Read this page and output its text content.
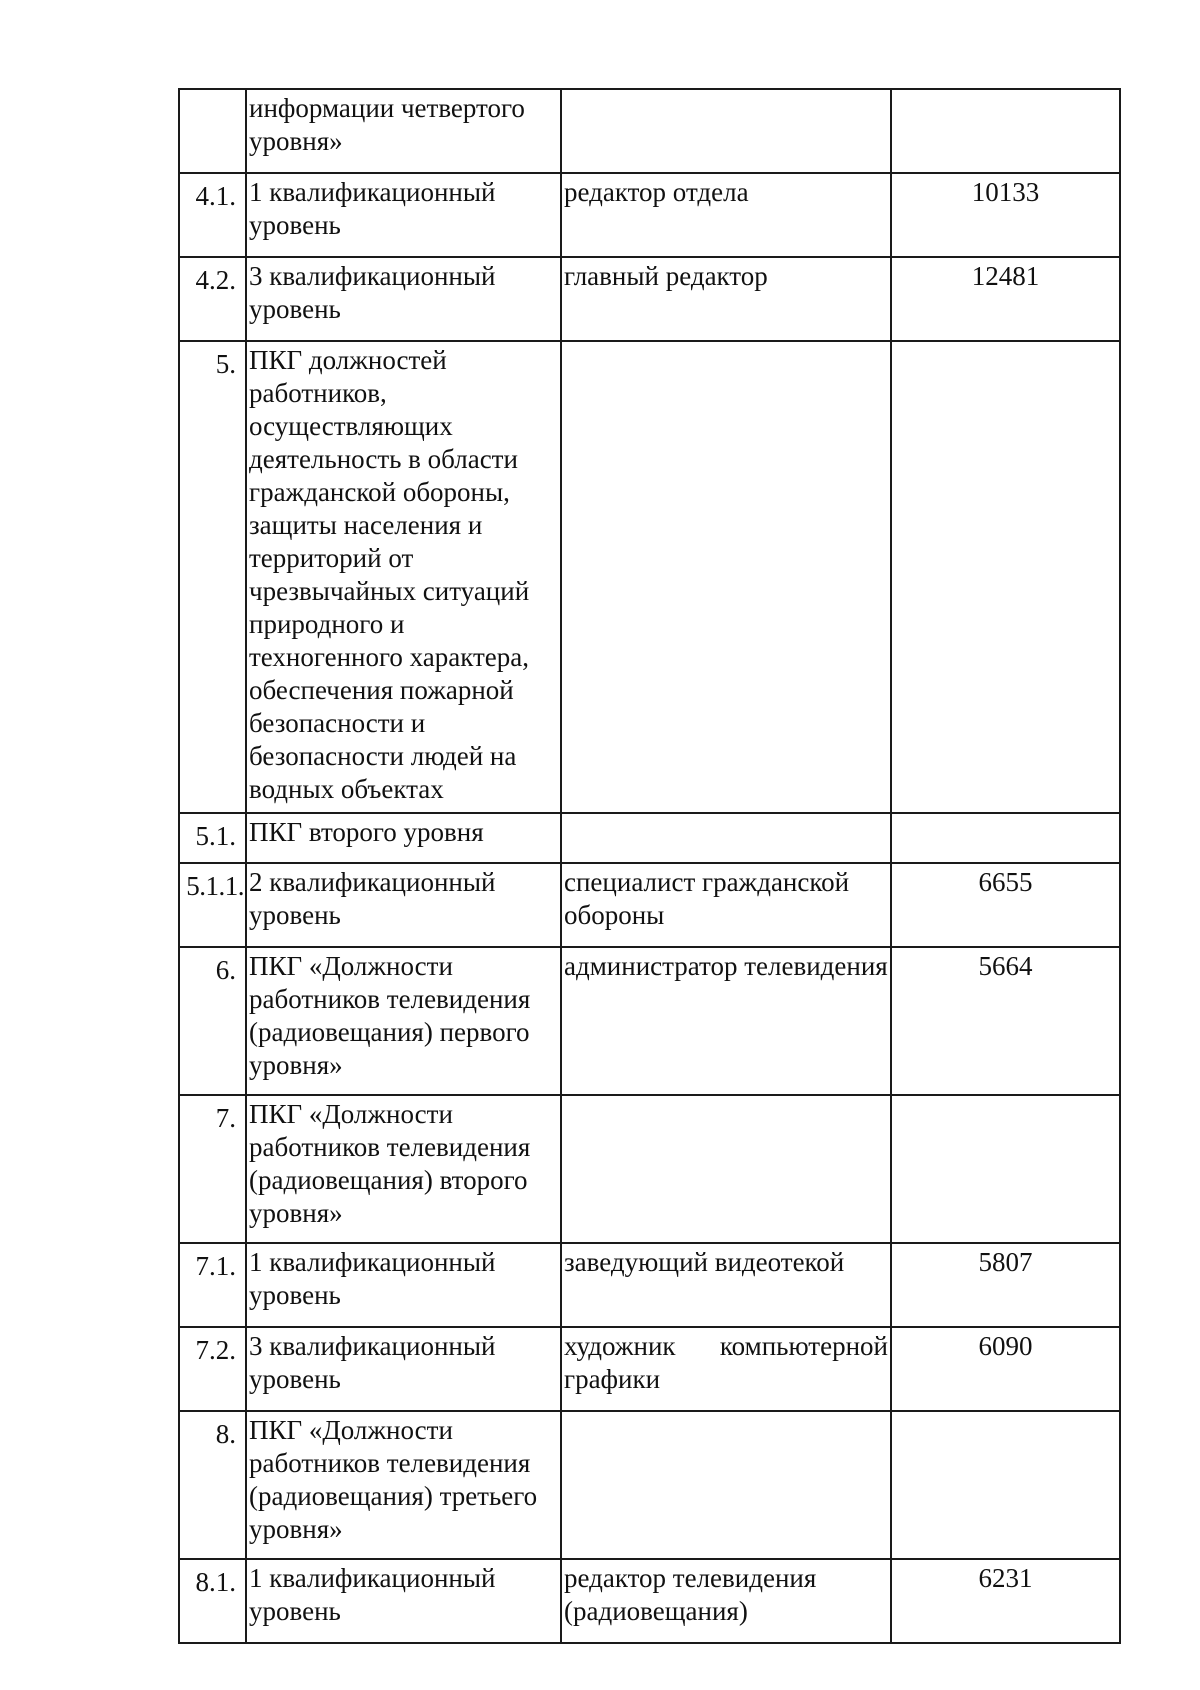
	информации четвертого уровня»		
4.1.	1 квалификационный уровень	редактор отдела	10133
4.2.	3 квалификационный уровень	главный редактор	12481
5.	ПКГ должностей работников, осуществляющих деятельность в области гражданской обороны, защиты населения и территорий от чрезвычайных ситуаций природного и техногенного характера, обеспечения пожарной безопасности и безопасности людей на водных объектах		
5.1.	ПКГ второго уровня		
5.1.1.	2 квалификационный уровень	специалист гражданской обороны	6655
6.	ПКГ «Должности работников телевидения (радиовещания) первого уровня»	администратор телевидения	5664
7.	ПКГ «Должности работников телевидения (радиовещания) второго уровня»		
7.1.	1 квалификационный уровень	заведующий видеотекой	5807
7.2.	3 квалификационный уровень	художник компьютерной графики	6090
8.	ПКГ «Должности работников телевидения (радиовещания) третьего уровня»		
8.1.	1 квалификационный уровень	редактор телевидения (радиовещания)	6231
